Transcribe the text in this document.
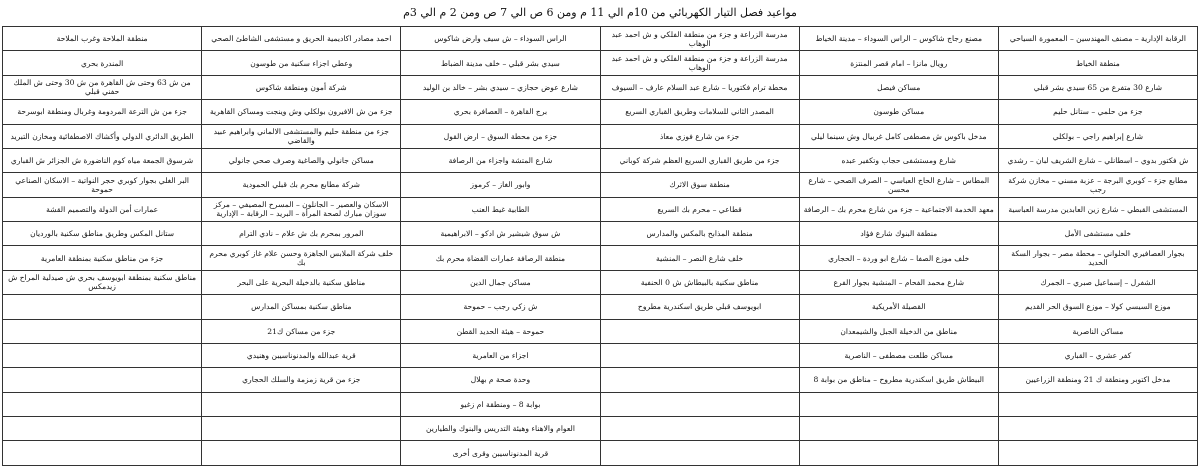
مواعيد فصل التيار الكهربائي من 10م الي 11 م ومن 6 ص الي 7 ص ومن 2 م الي 3م
الرقابة الإدارية – مصنف المهندسين – المعمورة السياحي	مصنع رجاج شاكوس – الراس السوداء – مدينة الخياط	مدرسة الزراعة و جزء من منطقة الفلكي و ش احمد عبد الوهاب	الراس السوداء – ش سيف وارض شاكوس	احمد مصادر اكاديمية الحريق و مستشفى الشاطئ الصحي	منطقة الملاحة وغرب الملاحة
منطقة الخياط	رويال مانزا – امام قصر المنتزة	مدرسة الزراعة و جزء من منطقة الفلكي و ش احمد عبد الوهاب	سيدي بشر قبلي – خلف مدينة الضباط	وعطي اجزاء سكنية من طوسون	المندرة بحري
شارع 30 متفرع من 65 سيدي بشر قبلي	مساكن فيصل	محطة ترام فكتوريا – شارع عبد السلام عارف – السيوف	شارع عوض حجازي – سيدي بشر – خالد بن الوليد	شركة أمون ومنطقة شاكوس	من ش 63 وحتى ش القاهرة من ش 30 وحتى ش الملك حفني قبلي
جزء من حلمي – ستانل حليم	مساكن طوسون	المصدر الثاني للسلامات وطريق القباري السريع	برج القاهرة – العصافرة بحري	جزء من ش الافيرون بولكلي وش وينجت ومساكن القاهرية	جزء من ش الترعة المردومة وغربال ومنطقة ابوسرحة
شارع إبراهيم راجي – بولكلي	مدخل باكوس ش مصطفى كامل غربيال وش سينما ليلي	جزء من شارع فوزي معاذ	جزء من محطة السوق – ارض القول	جزء من منطقة حليم والمستشفى الالماني وابراهيم عبيد والقاضي	الطريق الدائري الدولي وأكشاك الاصطفائية ومخازن التبريد
ش فكتور بدوي – اسطانلي – شارع الشريف لبان – رشدي	شارع ومستشفى حجاب وتكفير عبده	جزء من طريق القباري السريع العظم شركة كوباني	شارع المتشة واجزاء من الرصافة	مساكن جانولي والصاغية وصرف صحي جانولي	شرسوق الجمعة مياه كوم الناضورة ش الجزائر ش القباري
مطابع جزء – كوبري البرجة – عزبة مسني – مخازن شركة رجب	المطاس – شارع الحاج العباسي – الصرف الصحي – شارع محسن	منطقة سوق الاثرك	وابور الغاز – كرموز	شركة مطابع محرم بك قبلي الحمودية	البر الغلي بجوار كوبري حجر النواتية – الاسكان الصناعي حموحة
المستشفى القبطي – شارع زين العابدين مدرسة العباسية	معهد الخدمة الاجتماعية – جزء من شارع محرم بك – الرصافة	قطاعي – محرم بك السريع	الطابية غيط العنب	الاسكان والعصير – الجانلون – المسرح المصيفي – مركز سوزان مبارك لصحة المرأة – البريد – الرقابة – الإدارية	عمارات أمن الدولة والتصميم القشة
خلف مستشفى الأمل	منطقة البنوك شارع فؤاد	منطقة المذابح بالمكس والمدارس	ش سوق شيشير ش ادكو – الابراهيمية	المرور بمحرم بك ش علام – نادي الترام	ستانل المكس وطريق مناطق سكنية بالوردیان
بجوار العصافيري الحلواني – محطة مصر – بجوار السكة الحديد	خلف موزع الصفا – شارع ابو وردة – الحجاري	خلف شارع النصر – المنشية	منطقة الرصافة عمارات القضاة محرم بك	خلف شركة الملابس الجاهزة وحسن علام غاز كوبري محرم بك	جزء من مناطق سكنية بمنطقة العامرية
الشفرل – إسماعيل صبري – الجمرك	شارع محمد الفحام – المنشية بجوار الفرع	مناطق سكنية بالبيطاش ش 0 الحنفية	مساكن جمال الدين	مناطق سكنية بالدخيلة البحرية على البحر	مناطق سكنية بمنطقة ابويوسف بحري ش صيدلية المراح ش زيدمكس
موزع السيسي كولا – موزع السوق الحر القديم	القصيلة الأمريكية	ابويوسف قبلي طريق اسكندرية مطروح	ش زكي رجب – حموحة	مناطق سكنية بمساكن المدارس	
مساكن الناصرية	مناطق من الدخيلة الجبل والشيمعدان		حموحة – هيئة الحديد القطن	جزء من مساكن ك21	
كفر عشري – القباري	مساكن طلعت مصطفى – الناصرية		اجزاء من العامرية	قرية عبدالله والمدنوناسيبن وهنيدي	
مدخل اكتوبر ومنطقة ك 21 ومنطقة الزراعيين	البيطاش طريق اسكندرية مطروح – مناطق من بوابة 8		وحدة صحة م بهلال	جزء من قرية زمزمة والسلك الحجاري	
			بوابة 8 – ومنطقة ام زغيو		
			العوام والاهناء وهيئة التدريس والبنوك والطيارين		
			قرية المدنوناسيبن وقرى أخرى		
